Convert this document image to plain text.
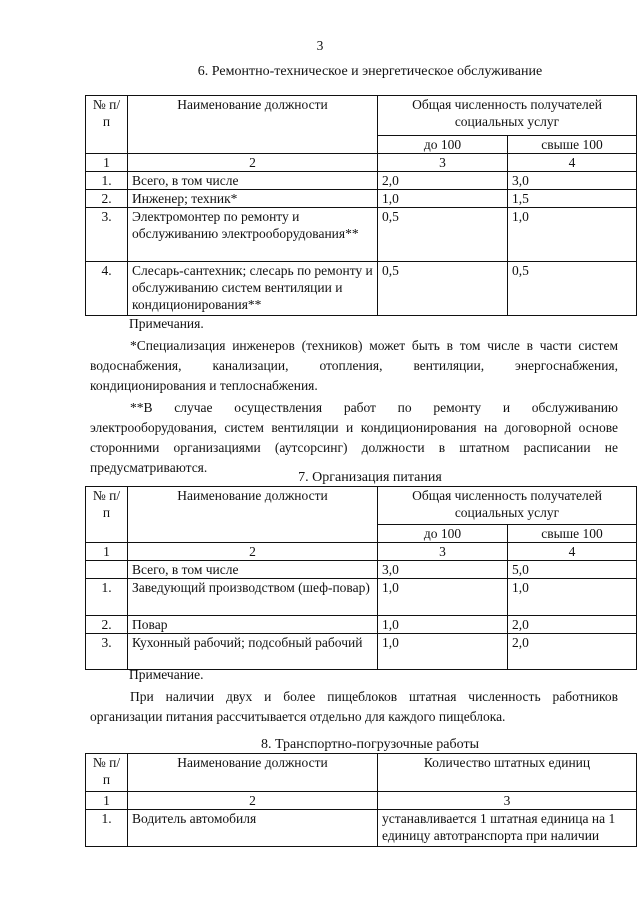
3
6. Ремонтно-техническое и энергетическое обслуживание
№ п/п	Наименование должности	Общая численность получателей социальных услуг	
		до 100	свыше 100
1	2	3	4
1.	Всего, в том числе	2,0	3,0
2.	Инженер; техник*	1,0	1,5
3.	Электромонтер по ремонту и обслуживанию электрооборудования**	0,5	1,0
4.	Слесарь-сантехник; слесарь по ремонту и обслуживанию систем вентиляции и кондиционирования**	0,5	0,5
Примечания.

*Специализация инженеров (техников) может быть в том числе в части систем водоснабжения, канализации, отопления, вентиляции, энергоснабжения, кондиционирования и теплоснабжения.

**В случае осуществления работ по ремонту и обслуживанию электрооборудования, систем вентиляции и кондиционирования на договорной основе сторонними организациями (аутсорсинг) должности в штатном расписании не предусматриваются.

7. Организация питания
№ п/п	Наименование должности	Общая численность получателей социальных услуг	
		до 100	свыше 100
1	2	3	4
	Всего, в том числе	3,0	5,0
1.	Заведующий производством (шеф-повар)	1,0	1,0
2.	Повар	1,0	2,0
3.	Кухонный рабочий; подсобный рабочий	1,0	2,0
Примечание.

При наличии двух и более пищеблоков штатная численность работников организации питания рассчитывается отдельно для каждого пищеблока.

8. Транспортно-погрузочные работы
№ п/п	Наименование должности	Количество штатных единиц
1	2	3
1.	Водитель автомобиля	устанавливается 1 штатная единица на 1 единицу автотранспорта при наличии
